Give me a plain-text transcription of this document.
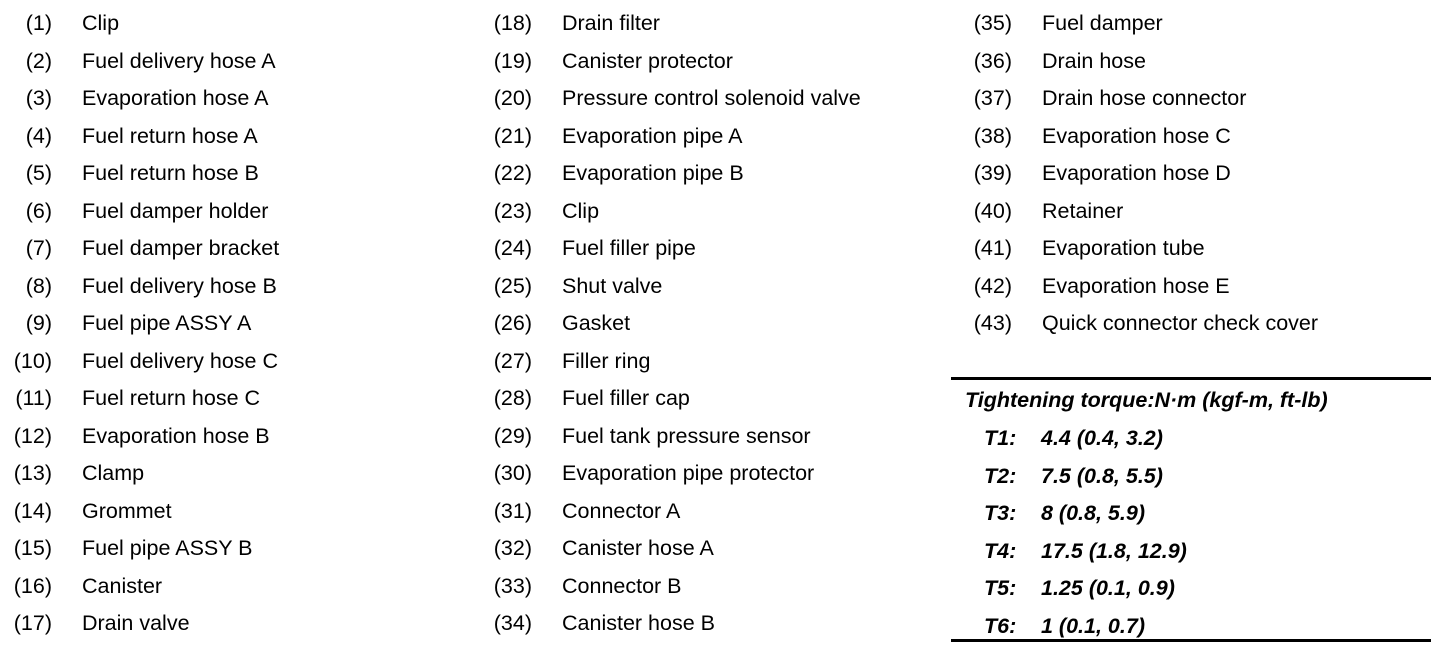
(1) Clip
(2) Fuel delivery hose A
(3) Evaporation hose A
(4) Fuel return hose A
(5) Fuel return hose B
(6) Fuel damper holder
(7) Fuel damper bracket
(8) Fuel delivery hose B
(9) Fuel pipe ASSY A
(10) Fuel delivery hose C
(11) Fuel return hose C
(12) Evaporation hose B
(13) Clamp
(14) Grommet
(15) Fuel pipe ASSY B
(16) Canister
(17) Drain valve
(18) Drain filter
(19) Canister protector
(20) Pressure control solenoid valve
(21) Evaporation pipe A
(22) Evaporation pipe B
(23) Clip
(24) Fuel filler pipe
(25) Shut valve
(26) Gasket
(27) Filler ring
(28) Fuel filler cap
(29) Fuel tank pressure sensor
(30) Evaporation pipe protector
(31) Connector A
(32) Canister hose A
(33) Connector B
(34) Canister hose B
(35) Fuel damper
(36) Drain hose
(37) Drain hose connector
(38) Evaporation hose C
(39) Evaporation hose D
(40) Retainer
(41) Evaporation tube
(42) Evaporation hose E
(43) Quick connector check cover
Tightening torque:N·m (kgf-m, ft-lb)
T1: 4.4 (0.4, 3.2)
T2: 7.5 (0.8, 5.5)
T3: 8 (0.8, 5.9)
T4: 17.5 (1.8, 12.9)
T5: 1.25 (0.1, 0.9)
T6: 1 (0.1, 0.7)
